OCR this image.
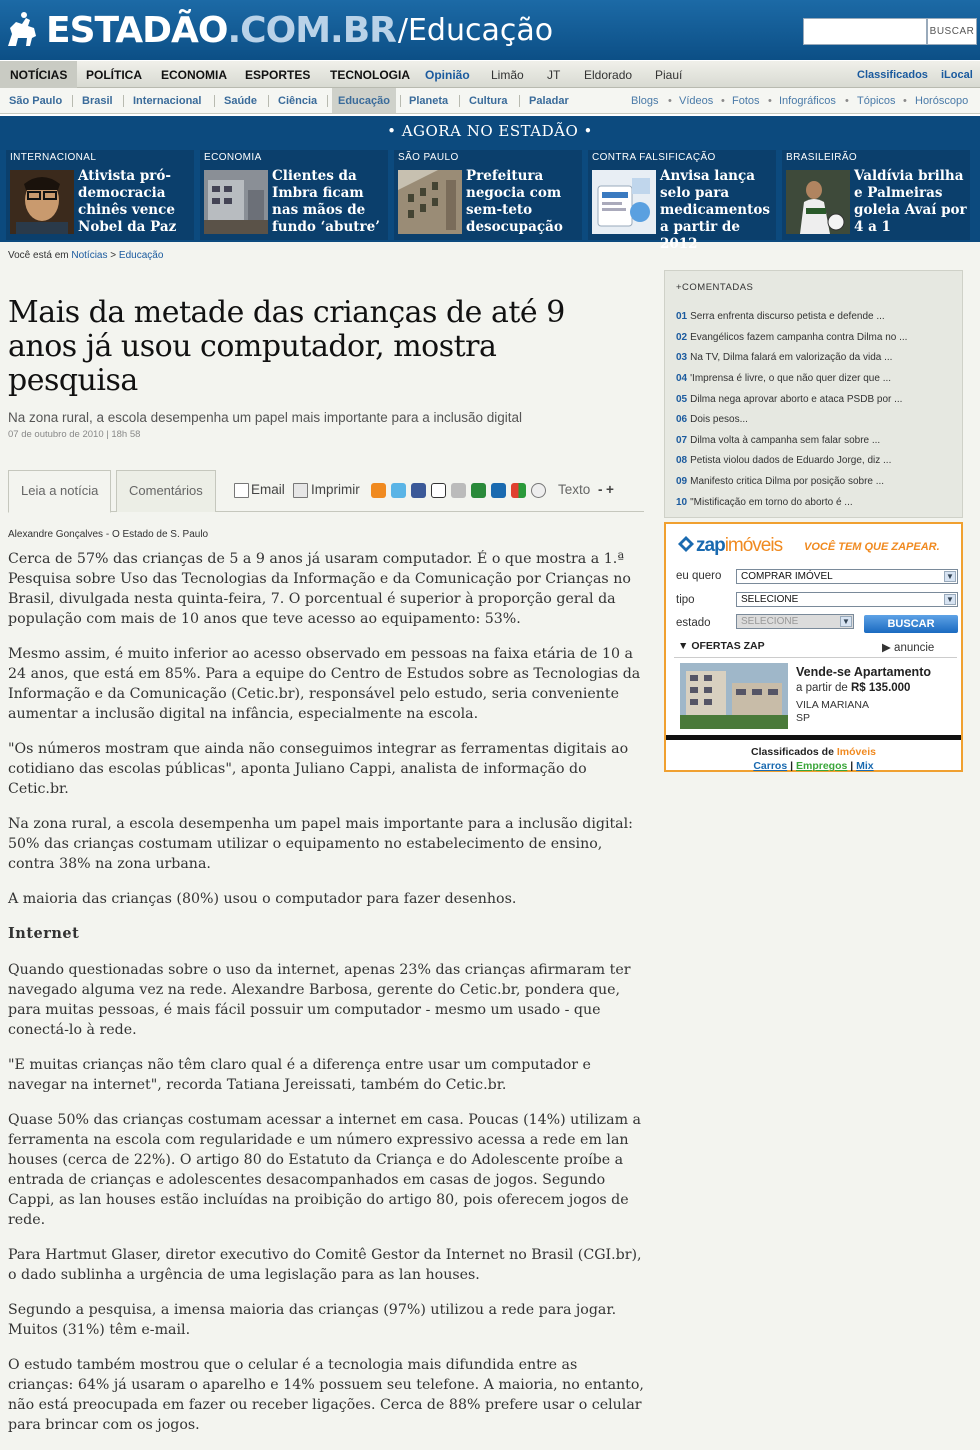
ESTADÃO .COM.BR /Educação	BUSCAR
NOTÍCIAS	POLÍTICA ECONOMIA ESPORTES TECNOLOGIA Opinião Limão JT Eldorado Piauí	Classificados iLocal
São Paulo Brasil Internacional Saúde Ciência	Educação	Planeta Cultura Paladar	Blogs • Vídeos • Fotos • Infográficos • Tópicos • Horóscopo
• AGORA NO ESTADÃO •
INTERNACIONAL
Ativista pró-democracia chinês vence Nobel da Paz
ECONOMIA
Clientes da Imbra ficam nas mãos de fundo ‘abutre’
SÃO PAULO
Prefeitura negocia com sem-teto desocupação
CONTRA FALSIFICAÇÃO
Anvisa lança selo para medicamentos a partir de 2012
BRASILEIRÃO
Valdívia brilha e Palmeiras goleia Avaí por 4 a 1
Você está em Notícias > Educação
Mais da metade das crianças de até 9 anos já usou computador, mostra pesquisa
Na zona rural, a escola desempenha um papel mais importante para a inclusão digital
07 de outubro de 2010 | 18h 58
Leia a notícia	Comentários	Email Imprimir	Texto - +
Alexandre Gonçalves - O Estado de S. Paulo

Cerca de 57% das crianças de 5 a 9 anos já usaram computador. É o que mostra a 1.ª Pesquisa sobre Uso das Tecnologias da Informação e da Comunicação por Crianças no Brasil, divulgada nesta quinta-feira, 7. O porcentual é superior à proporção geral da população com mais de 10 anos que teve acesso ao equipamento: 53%.

Mesmo assim, é muito inferior ao acesso observado em pessoas na faixa etária de 10 a 24 anos, que está em 85%. Para a equipe do Centro de Estudos sobre as Tecnologias da Informação e da Comunicação (Cetic.br), responsável pelo estudo, seria conveniente aumentar a inclusão digital na infância, especialmente na escola.

"Os números mostram que ainda não conseguimos integrar as ferramentas digitais ao cotidiano das escolas públicas", aponta Juliano Cappi, analista de informação do Cetic.br.

Na zona rural, a escola desempenha um papel mais importante para a inclusão digital: 50% das crianças costumam utilizar o equipamento no estabelecimento de ensino, contra 38% na zona urbana.

A maioria das crianças (80%) usou o computador para fazer desenhos.

Internet

Quando questionadas sobre o uso da internet, apenas 23% das crianças afirmaram ter navegado alguma vez na rede. Alexandre Barbosa, gerente do Cetic.br, pondera que, para muitas pessoas, é mais fácil possuir um computador - mesmo um usado - que conectá-lo à rede.

"E muitas crianças não têm claro qual é a diferença entre usar um computador e navegar na internet", recorda Tatiana Jereissati, também do Cetic.br.

Quase 50% das crianças costumam acessar a internet em casa. Poucas (14%) utilizam a ferramenta na escola com regularidade e um número expressivo acessa a rede em lan houses (cerca de 22%). O artigo 80 do Estatuto da Criança e do Adolescente proíbe a entrada de crianças e adolescentes desacompanhados em casas de jogos. Segundo Cappi, as lan houses estão incluídas na proibição do artigo 80, pois oferecem jogos de rede.

Para Hartmut Glaser, diretor executivo do Comitê Gestor da Internet no Brasil (CGI.br), o dado sublinha a urgência de uma legislação para as lan houses.

Segundo a pesquisa, a imensa maioria das crianças (97%) utilizou a rede para jogar. Muitos (31%) têm e-mail.

O estudo também mostrou que o celular é a tecnologia mais difundida entre as crianças: 64% já usaram o aparelho e 14% possuem seu telefone. A maioria, no entanto, não está preocupada em fazer ou receber ligações. Cerca de 88% prefere usar o celular para brincar com os jogos.

+COMENTADAS
01 Serra enfrenta discurso petista e defende ...
02 Evangélicos fazem campanha contra Dilma no ...
03 Na TV, Dilma falará em valorização da vida ...
04 'Imprensa é livre, o que não quer dizer que ...
05 Dilma nega aprovar aborto e ataca PSDB por ...
06 Dois pesos...
07 Dilma volta à campanha sem falar sobre ...
08 Petista violou dados de Eduardo Jorge, diz ...
09 Manifesto critica Dilma por posição sobre ...
10 "Mistificação em torno do aborto é ...
zapimóveis VOCÊ TEM QUE ZAPEAR.
eu quero	COMPRAR IMÓVEL	▼
tipo	SELECIONE	▼
estado	SELECIONE	▼	BUSCAR
▼ OFERTAS ZAP	▶ anuncie
Vende-se Apartamento
a partir de R$ 135.000
VILA MARIANA
SP
Classificados de Imóveis
Carros | Empregos | Mix
